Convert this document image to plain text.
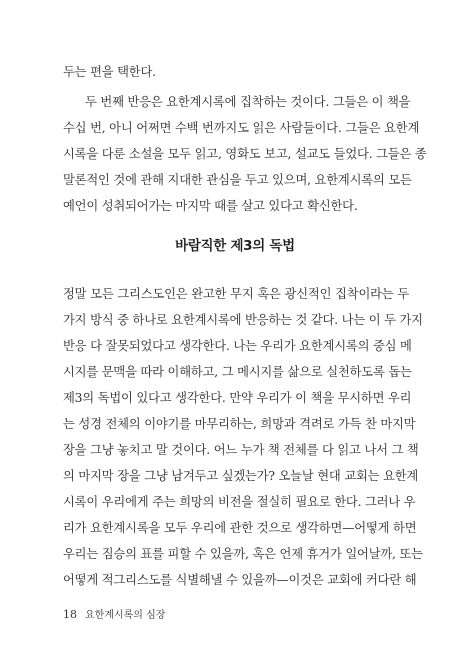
두는 편을 택한다.
두 번째 반응은 요한계시록에 집착하는 것이다. 그들은 이 책을
수십 번, 아니 어쩌면 수백 번까지도 읽은 사람들이다. 그들은 요한계
시록을 다룬 소설을 모두 읽고, 영화도 보고, 설교도 들었다. 그들은 종
말론적인 것에 관해 지대한 관심을 두고 있으며, 요한계시록의 모든
예언이 성취되어가는 마지막 때를 살고 있다고 확신한다.
바람직한 제3의 독법
정말 모든 그리스도인은 완고한 무지 혹은 광신적인 집착이라는 두
가지 방식 중 하나로 요한계시록에 반응하는 것 같다. 나는 이 두 가지
반응 다 잘못되었다고 생각한다. 나는 우리가 요한계시록의 중심 메
시지를 문맥을 따라 이해하고, 그 메시지를 삶으로 실천하도록 돕는
제3의 독법이 있다고 생각한다. 만약 우리가 이 책을 무시하면 우리
는 성경 전체의 이야기를 마무리하는, 희망과 격려로 가득 찬 마지막
장을 그냥 놓치고 말 것이다. 어느 누가 책 전체를 다 읽고 나서 그 책
의 마지막 장을 그냥 남겨두고 싶겠는가? 오늘날 현대 교회는 요한계
시록이 우리에게 주는 희망의 비전을 절실히 필요로 한다. 그러나 우
리가 요한계시록을 모두 우리에 관한 것으로 생각하면—어떻게 하면
우리는 짐승의 표를 피할 수 있을까, 혹은 언제 휴거가 일어날까, 또는
어떻게 적그리스도를 식별해낼 수 있을까—이것은 교회에 커다란 해
18 요한계시록의 심장
